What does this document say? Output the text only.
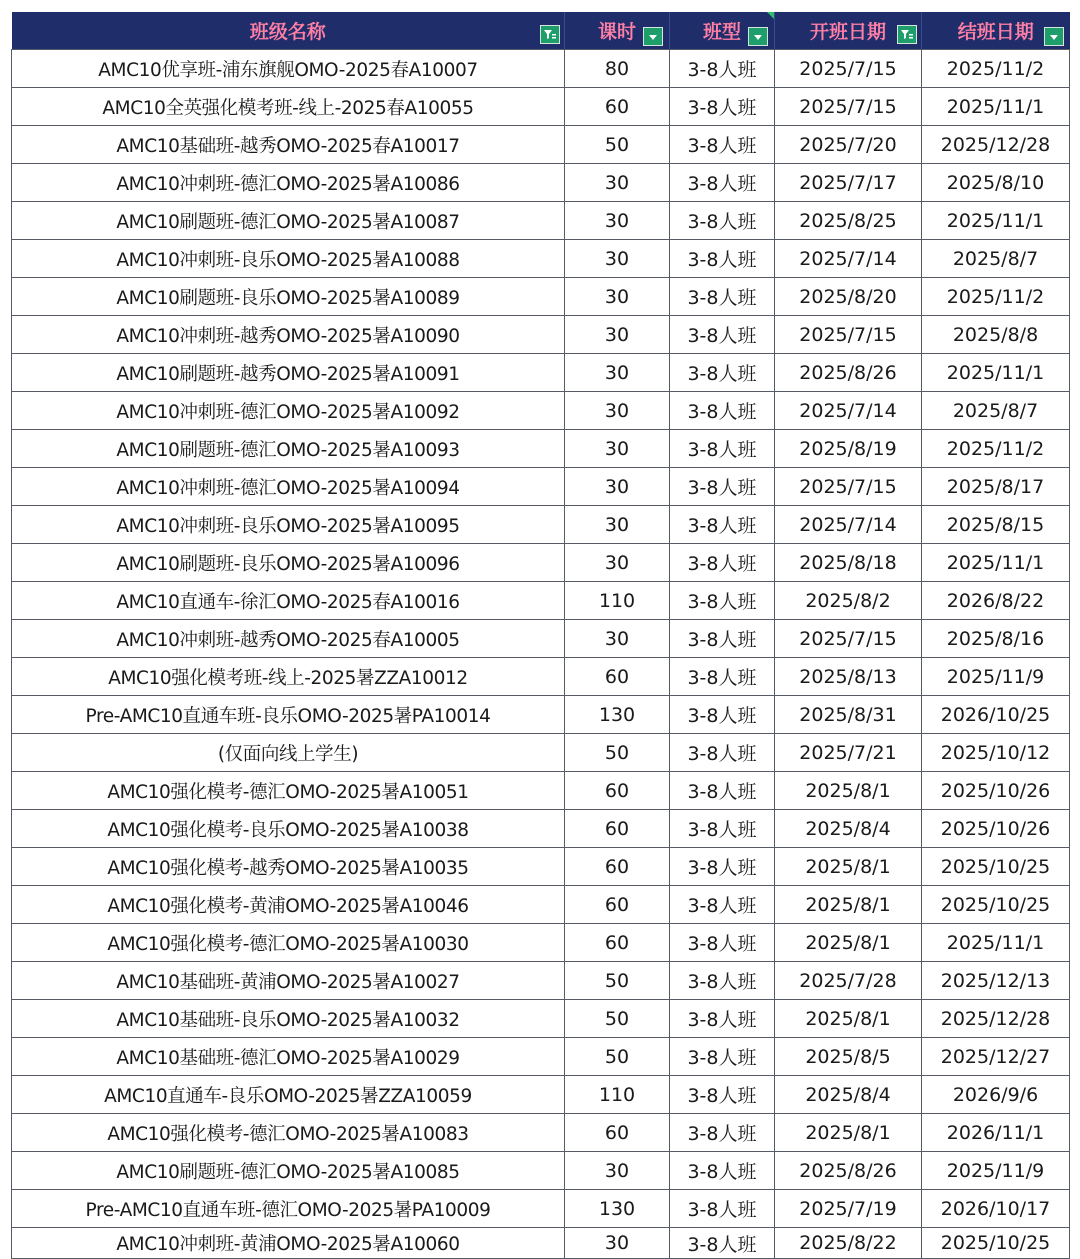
班级名称	课时	班型	开班日期	结班日期

AMC10优享班-浦东旗舰OMO-2025春A10007	80	3-8人班	2025/7/15	2025/11/2
AMC10全英强化模考班-线上-2025春A10055	60	3-8人班	2025/7/15	2025/11/1
AMC10基础班-越秀OMO-2025春A10017	50	3-8人班	2025/7/20	2025/12/28
AMC10冲刺班-德汇OMO-2025暑A10086	30	3-8人班	2025/7/17	2025/8/10
AMC10刷题班-德汇OMO-2025暑A10087	30	3-8人班	2025/8/25	2025/11/1
AMC10冲刺班-良乐OMO-2025暑A10088	30	3-8人班	2025/7/14	2025/8/7
AMC10刷题班-良乐OMO-2025暑A10089	30	3-8人班	2025/8/20	2025/11/2
AMC10冲刺班-越秀OMO-2025暑A10090	30	3-8人班	2025/7/15	2025/8/8
AMC10刷题班-越秀OMO-2025暑A10091	30	3-8人班	2025/8/26	2025/11/1
AMC10冲刺班-德汇OMO-2025暑A10092	30	3-8人班	2025/7/14	2025/8/7
AMC10刷题班-德汇OMO-2025暑A10093	30	3-8人班	2025/8/19	2025/11/2
AMC10冲刺班-德汇OMO-2025暑A10094	30	3-8人班	2025/7/15	2025/8/17
AMC10冲刺班-良乐OMO-2025暑A10095	30	3-8人班	2025/7/14	2025/8/15
AMC10刷题班-良乐OMO-2025暑A10096	30	3-8人班	2025/8/18	2025/11/1
AMC10直通车-徐汇OMO-2025春A10016	110	3-8人班	2025/8/2	2026/8/22
AMC10冲刺班-越秀OMO-2025春A10005	30	3-8人班	2025/7/15	2025/8/16
AMC10强化模考班-线上-2025暑ZZA10012	60	3-8人班	2025/8/13	2025/11/9
Pre-AMC10直通车班-良乐OMO-2025暑PA10014	130	3-8人班	2025/8/31	2026/10/25
(仅面向线上学生)	50	3-8人班	2025/7/21	2025/10/12
AMC10强化模考-德汇OMO-2025暑A10051	60	3-8人班	2025/8/1	2025/10/26
AMC10强化模考-良乐OMO-2025暑A10038	60	3-8人班	2025/8/4	2025/10/26
AMC10强化模考-越秀OMO-2025暑A10035	60	3-8人班	2025/8/1	2025/10/25
AMC10强化模考-黄浦OMO-2025暑A10046	60	3-8人班	2025/8/1	2025/10/25
AMC10强化模考-德汇OMO-2025暑A10030	60	3-8人班	2025/8/1	2025/11/1
AMC10基础班-黄浦OMO-2025暑A10027	50	3-8人班	2025/7/28	2025/12/13
AMC10基础班-良乐OMO-2025暑A10032	50	3-8人班	2025/8/1	2025/12/28
AMC10基础班-德汇OMO-2025暑A10029	50	3-8人班	2025/8/5	2025/12/27
AMC10直通车-良乐OMO-2025暑ZZA10059	110	3-8人班	2025/8/4	2026/9/6
AMC10强化模考-德汇OMO-2025暑A10083	60	3-8人班	2025/8/1	2026/11/1
AMC10刷题班-德汇OMO-2025暑A10085	30	3-8人班	2025/8/26	2025/11/9
Pre-AMC10直通车班-德汇OMO-2025暑PA10009	130	3-8人班	2025/7/19	2026/10/17
AMC10冲刺班-黄浦OMO-2025暑A10060	30	3-8人班	2025/8/22	2025/10/25
